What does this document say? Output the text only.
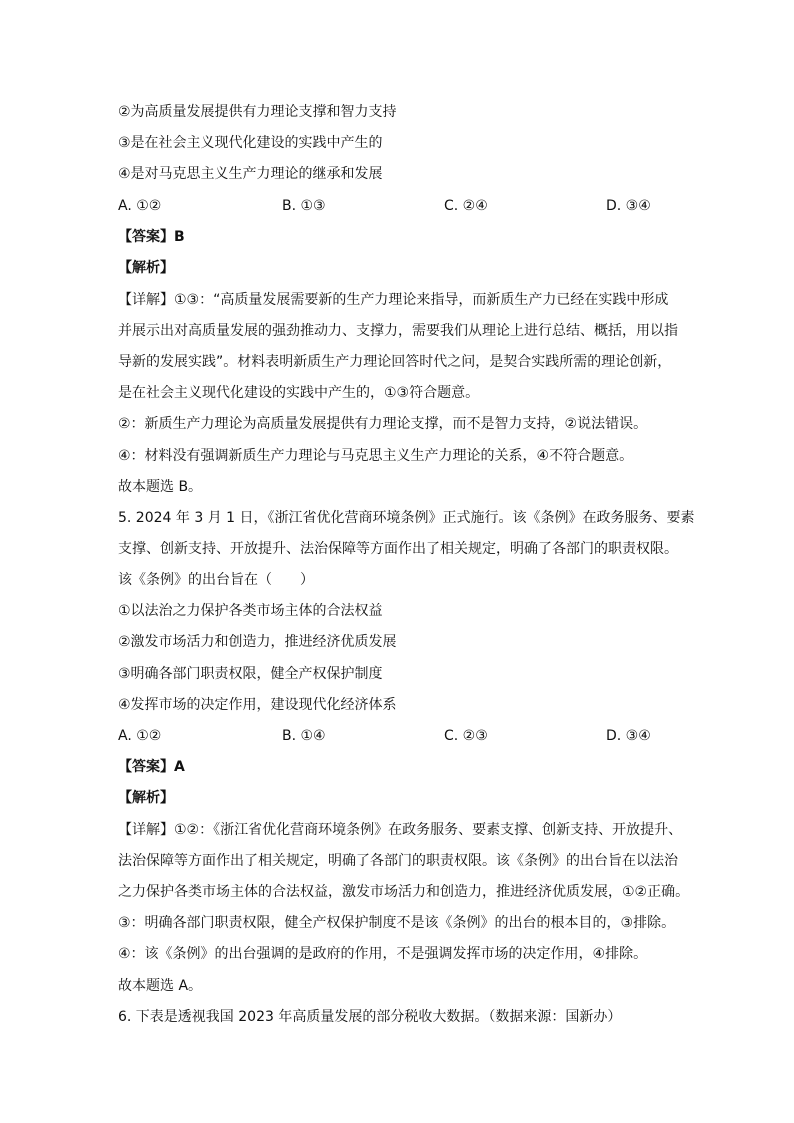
②为高质量发展提供有力理论支撑和智力支持
③是在社会主义现代化建设的实践中产生的
④是对马克思主义生产力理论的继承和发展
A. ①②	B. ①③	C. ②④	D. ③④
【答案】B
【解析】
【详解】①③：“高质量发展需要新的生产力理论来指导，而新质生产力已经在实践中形成
并展示出对高质量发展的强劲推动力、支撑力，需要我们从理论上进行总结、概括，用以指
导新的发展实践”。材料表明新质生产力理论回答时代之问，是契合实践所需的理论创新，
是在社会主义现代化建设的实践中产生的，①③符合题意。
②：新质生产力理论为高质量发展提供有力理论支撑，而不是智力支持，②说法错误。
④：材料没有强调新质生产力理论与马克思主义生产力理论的关系，④不符合题意。
故本题选 B。
5. 2024 年 3 月 1 日，《浙江省优化营商环境条例》正式施行。该《条例》在政务服务、要素
支撑、创新支持、开放提升、法治保障等方面作出了相关规定，明确了各部门的职责权限。
该《条例》的出台旨在（　　）
①以法治之力保护各类市场主体的合法权益
②激发市场活力和创造力，推进经济优质发展
③明确各部门职责权限，健全产权保护制度
④发挥市场的决定作用，建设现代化经济体系
A. ①②	B. ①④	C. ②③	D. ③④
【答案】A
【解析】
【详解】①②：《浙江省优化营商环境条例》在政务服务、要素支撑、创新支持、开放提升、
法治保障等方面作出了相关规定，明确了各部门的职责权限。该《条例》的出台旨在以法治
之力保护各类市场主体的合法权益，激发市场活力和创造力，推进经济优质发展，①②正确。
③：明确各部门职责权限，健全产权保护制度不是该《条例》的出台的根本目的，③排除。
④：该《条例》的出台强调的是政府的作用，不是强调发挥市场的决定作用，④排除。
故本题选 A。
6. 下表是透视我国 2023 年高质量发展的部分税收大数据。（数据来源：国新办）
